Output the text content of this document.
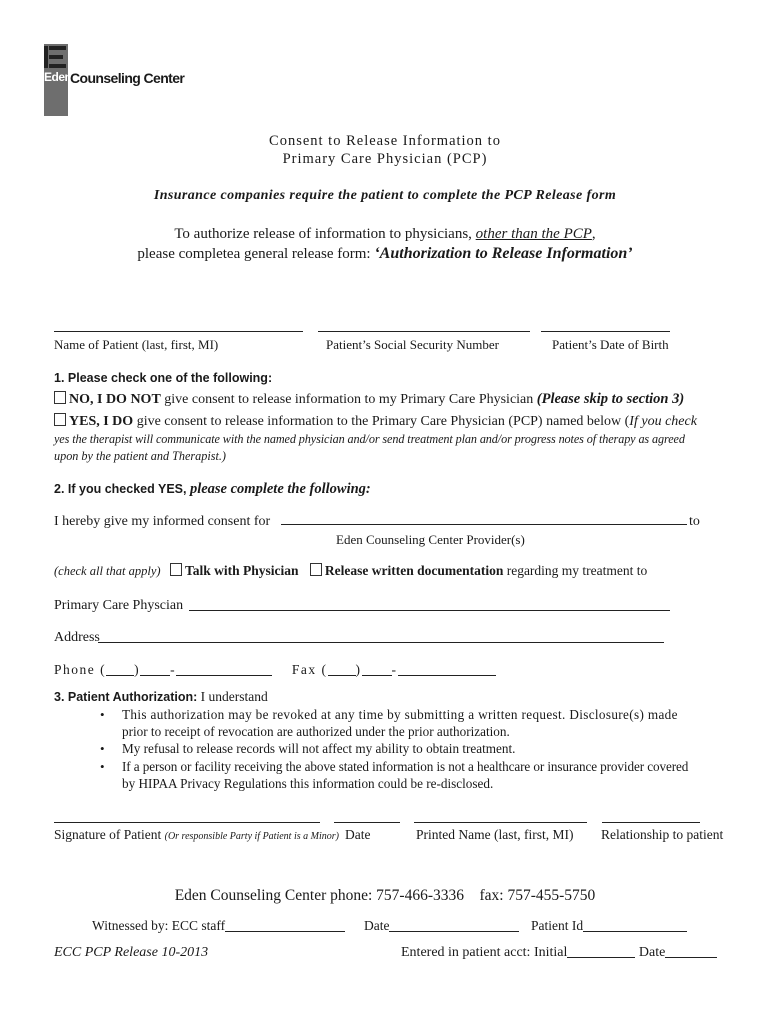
Eden
Counseling Center
Consent to Release Information to
Primary Care Physician (PCP)
Insurance companies require the patient to complete the PCP Release form
To authorize release of information to physicians, other than the PCP,
please completea general release form: ‘Authorization to Release Information’
Name of Patient (last, first, MI)	Patient’s Social Security Number	Patient’s Date of Birth
1. Please check one of the following:
NO, I DO NOT give consent to release information to my Primary Care Physician (Please skip to section 3)
YES, I DO give consent to release information to the Primary Care Physician (PCP) named below (If you check
yes the therapist will communicate with the named physician and/or send treatment plan and/or progress notes of therapy as agreed
upon by the patient and Therapist.)
2. If you checked YES, please complete the following:
I hereby give my informed consent for	to
Eden Counseling Center Provider(s)
(check all that apply) Talk with Physician Release written documentation regarding my treatment to
Primary Care Physcian
Address
Phone ( ) -	Fax ( ) -
3. Patient Authorization: I understand
• This authorization may be revoked at any time by submitting a written request. Disclosure(s) made
prior to receipt of revocation are authorized under the prior authorization.
• My refusal to release records will not affect my ability to obtain treatment.
• If a person or facility receiving the above stated information is not a healthcare or insurance provider covered
by HIPAA Privacy Regulations this information could be re-disclosed.
Signature of Patient (Or responsible Party if Patient is a Minor) Date	Printed Name (last, first, MI) Relationship to patient
Eden Counseling Center phone: 757-466-3336    fax: 757-455-5750
Witnessed by: ECC staff	Date	Patient Id
ECC PCP Release 10-2013	Entered in patient acct: Initial	Date
